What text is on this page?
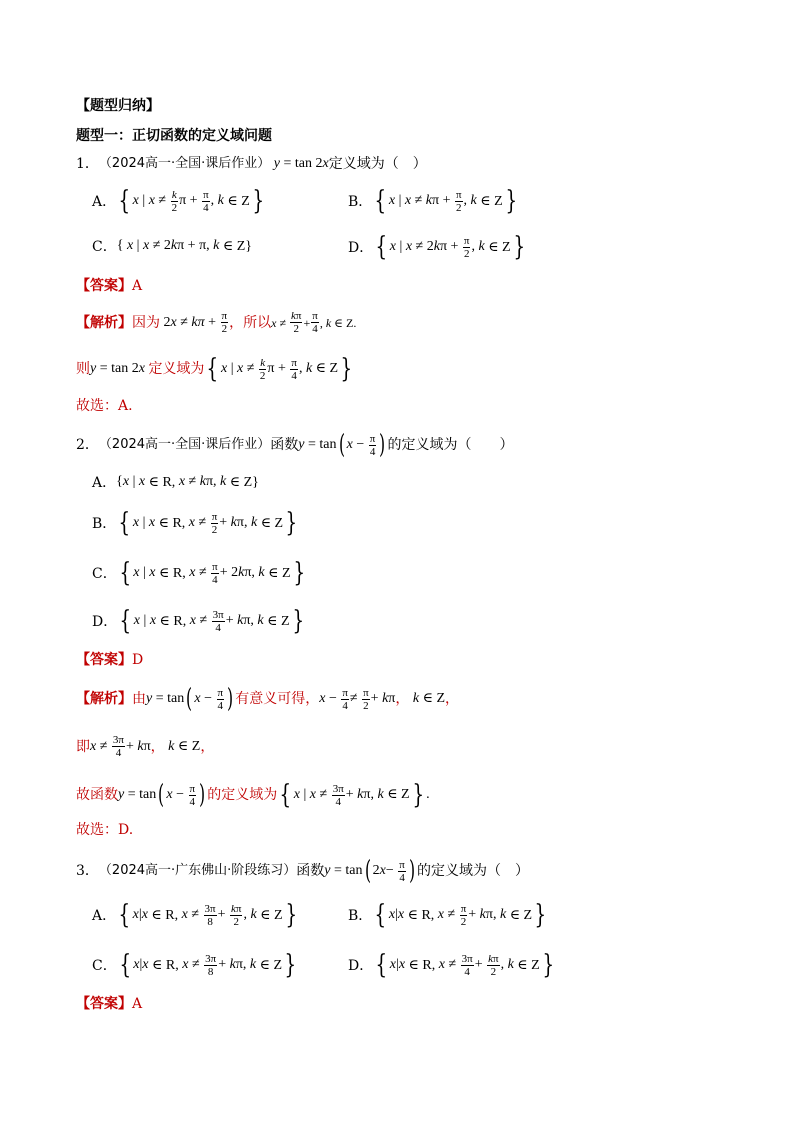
【题型归纳】
题型一：正切函数的定义域问题
1． （2024高一·全国·课后作业）
y = tan 2 x 定义域为（　）
A． { x | $x \ne \frac{k}{2}$ $\pi + \frac{\pi}{4}$ , k ∈ Z }	B． { x | x ≠ k $\pi + \frac{\pi}{2}$ , k ∈ Z }
C． { x | x ≠ 2 k π + π, k ∈ Z}	D． { x | x ≠ 2 k $\pi + \frac{\pi}{2}$ , k ∈ Z }
【答案】 A
【解析】 因为 2 x ≠ k $\pi + \frac{\pi}{2}$ ，所以 $x \ne \frac{k\pi}{2} + \frac{\pi}{4}$ , k ∈ Z.
则 y = tan 2 x
定义域为 { x | $x \ne \frac{k}{2}$ $\pi + \frac{\pi}{4}$ , k ∈ Z }
故选： A.
2． （2024高一·全国·课后作业） 函数 y = tan ( $x - \frac{\pi}{4}$ ) 的定义域为（　　）
A． { x | x ∈ R, x ≠ k π, k ∈ Z}
B． { x | x ∈ R, $x \ne \frac{\pi}{2} + k$ π, k ∈ Z }
C． { x | x ∈ R, $x \ne \frac{\pi}{4} + 2$ k π, k ∈ Z }
D． { x | x ∈ R, $x \ne \frac{3\pi}{4} + k$ π, k ∈ Z }
【答案】 D
【解析】 由 y = tan ( $x - \frac{\pi}{4}$ ) 有意义可得， $x - \frac{\pi}{4} \ne \frac{\pi}{2} + k$ π ，
k ∈ Z ，
即 $x \ne \frac{3\pi}{4} + k$ π ，
k ∈ Z ，
故函数 y = tan ( $x - \frac{\pi}{4}$ ) 的定义域为 { x | $x \ne \frac{3\pi}{4} + k$ π, k ∈ Z } .
故选： D.
3． （2024高一·广东佛山·阶段练习） 函数 y = tan ( 2 $x - \frac{\pi}{4}$ ) 的定义域为（　）
A． { x | x ∈ R, $x \ne \frac{3\pi}{8} + \frac{k\pi}{2}$ , k ∈ Z }	B． { x | x ∈ R, $x \ne \frac{\pi}{2} + k$ π, k ∈ Z }
C． { x | x ∈ R, $x \ne \frac{3\pi}{8} + k$ π, k ∈ Z }	D． { x | x ∈ R, $x \ne \frac{3\pi}{4} + \frac{k\pi}{2}$ , k ∈ Z }
【答案】 A
